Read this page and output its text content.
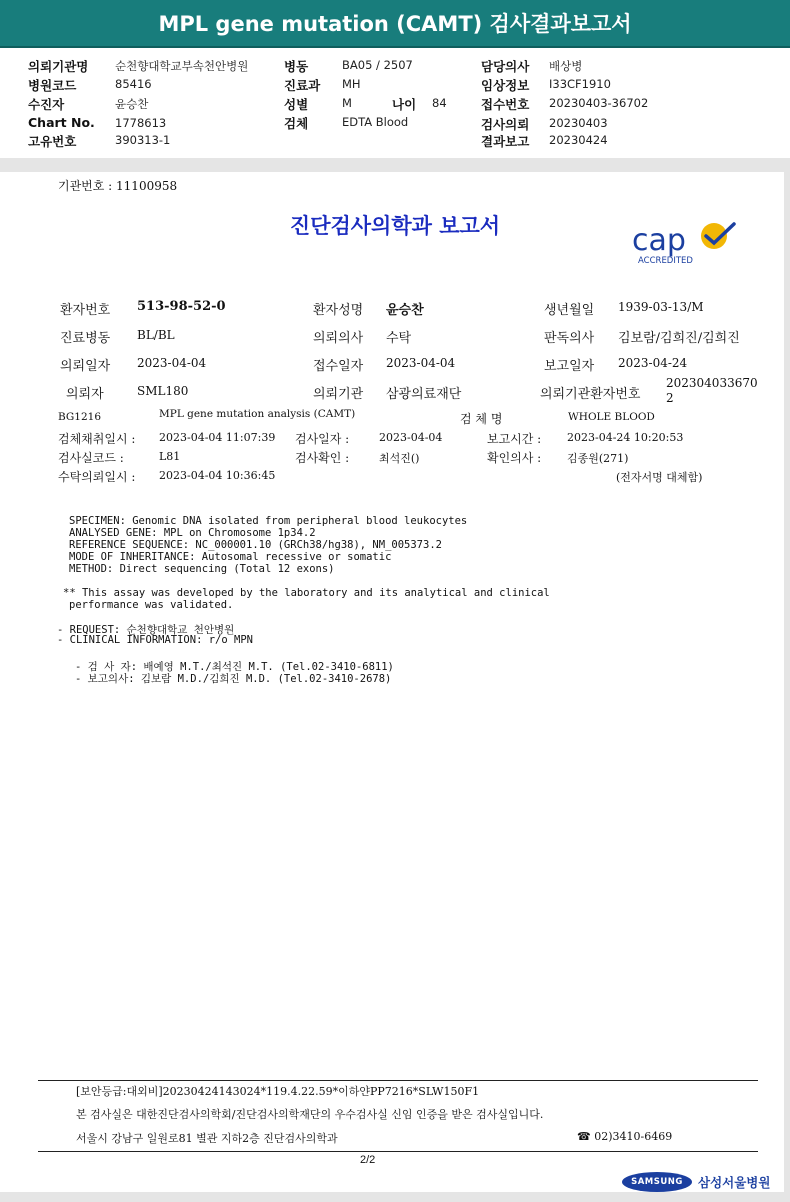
MPL gene mutation (CAMT) 검사결과보고서
의뢰기관명 순천향대학교부속천안병원
병원코드	85416
수진자	윤승찬
Chart No. 1778613
고유번호	390313-1
병동	BA05 / 2507
진료과 MH
성별	M	나이 84
검체	EDTA Blood
담당의사 배상병
임상정보 I33CF1910
접수번호 20230403-36702
검사의뢰 20230403
결과보고 20230424
기관번호 : 11100958
진단검사의학과 보고서	cap
ACCREDITED
환자번호 513-98-52-0	환자성명 윤승찬	생년월일 1939-03-13/M
진료병동 BL/BL	의뢰의사 수탁	판독의사 김보람/김희진/김희진
의뢰일자 2023-04-04	접수일자 2023-04-04	보고일자 2023-04-24
의뢰자	SML180	의뢰기관 삼광의료재단	의뢰기관환자번호
202304033670
2
BG1216	MPL gene mutation analysis (CAMT)	검 체 명	WHOLE BLOOD
검체채취일시 : 2023-04-04 11:07:39 검사일자 :	2023-04-04	보고시간 : 2023-04-24 10:20:53
검사실코드 :	L81	검사확인 :	최석진()	확인의사 : 김종원(271)
수탁의뢰일시 : 2023-04-04 10:36:45	(전자서명 대체함)
SPECIMEN: Genomic DNA isolated from peripheral blood leukocytes
ANALYSED GENE: MPL on Chromosome 1p34.2
REFERENCE SEQUENCE: NC_000001.10 (GRCh38/hg38), NM_005373.2
MODE OF INHERITANCE: Autosomal recessive or somatic
METHOD: Direct sequencing (Total 12 exons)
** This assay was developed by the laboratory and its analytical and clinical
performance was validated.
- REQUEST: 순천향대학교 천안병원
- CLINICAL INFORMATION: r/o MPN
- 검 사 자: 배예영 M.T./최석진 M.T. (Tel.02-3410-6811)
- 보고의사: 김보람 M.D./김희진 M.D. (Tel.02-3410-2678)
[보안등급:대외비]20230424143024*119.4.22.59*이하얀PP7216*SLW150F1
본 검사실은 대한진단검사의학회/진단검사의학재단의 우수검사실 신임 인증을 받은 검사실입니다.
서울시 강남구 일원로81 별관 지하2층 진단검사의학과	☎ 02)3410-6469
2/2
SAMSUNG	삼성서울병원
